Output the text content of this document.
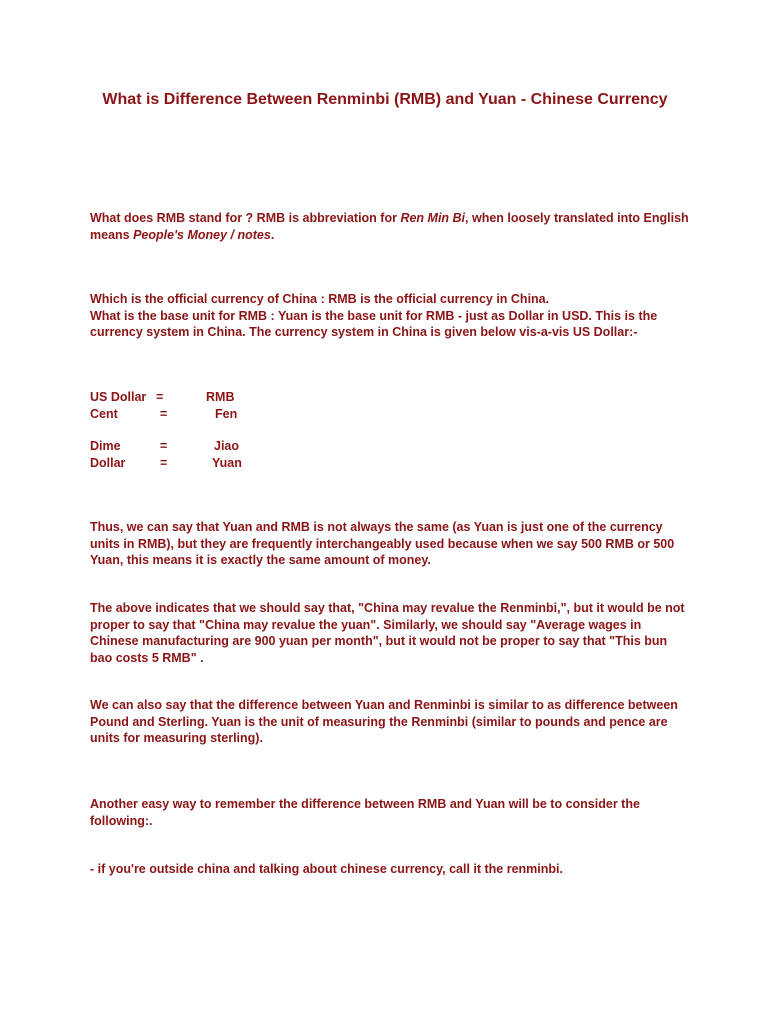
What is Difference Between Renminbi (RMB) and Yuan - Chinese Currency
What does RMB stand for ? RMB is abbreviation for Ren Min Bi, when loosely translated into English means People's Money / notes.
Which is the official currency of China : RMB is the official currency in China.
What is the base unit for RMB : Yuan is the base unit for RMB - just as Dollar in USD. This is the currency system in China. The currency system in China is given below vis-a-vis US Dollar:-
US Dollar =	RMB
Cent	=	Fen
Dime	=	Jiao
Dollar	=	Yuan
Thus, we can say that Yuan and RMB is not always the same (as Yuan is just one of the currency units in RMB), but they are frequently interchangeably used because when we say 500 RMB or 500 Yuan, this means it is exactly the same amount of money.
The above indicates that we should say that, "China may revalue the Renminbi,", but it would be not proper to say that "China may revalue the yuan". Similarly, we should say "Average wages in Chinese manufacturing are 900 yuan per month", but it would not be proper to say that "This bun bao costs 5 RMB" .
We can also say that the difference between Yuan and Renminbi is similar to as difference between Pound and Sterling. Yuan is the unit of measuring the Renminbi (similar to pounds and pence are units for measuring sterling).
Another easy way to remember the difference between RMB and Yuan will be to consider the following:.
- if you're outside china and talking about chinese currency, call it the renminbi.
